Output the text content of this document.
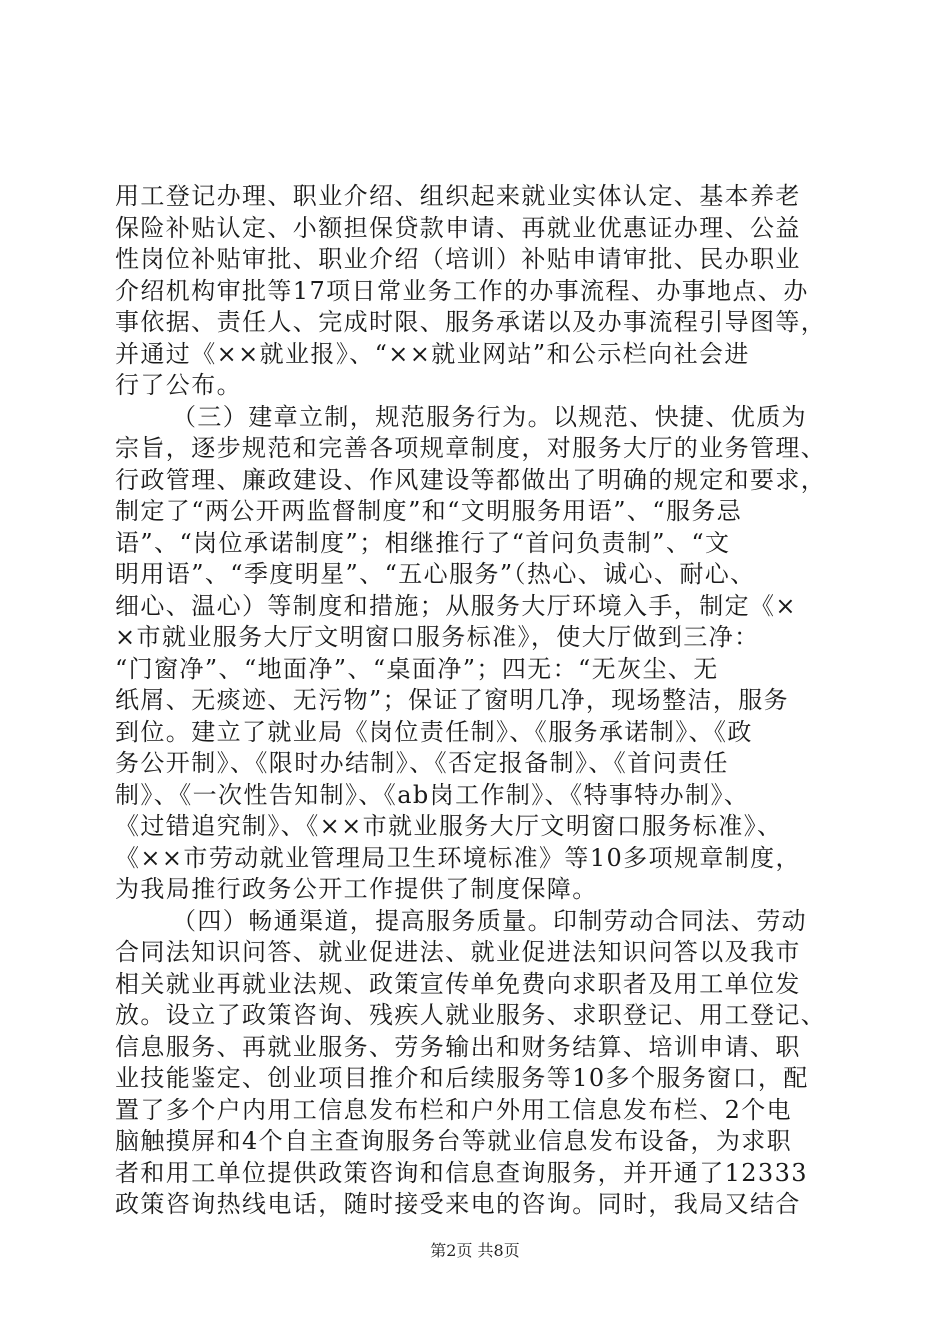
用工登记办理、职业介绍、组织起来就业实体认定、基本养老
保险补贴认定、小额担保贷款申请、再就业优惠证办理、公益
性岗位补贴审批、职业介绍（培训）补贴申请审批、民办职业
介绍机构审批等17项日常业务工作的办事流程、办事地点、办
事依据、责任人、完成时限、服务承诺以及办事流程引导图等，
并通过《××就业报》、“××就业网站”和公示栏向社会进
行了公布。
（三）建章立制，规范服务行为。以规范、快捷、优质为
宗旨，逐步规范和完善各项规章制度，对服务大厅的业务管理、
行政管理、廉政建设、作风建设等都做出了明确的规定和要求，
制定了“两公开两监督制度”和“文明服务用语”、“服务忌
语”、“岗位承诺制度”；相继推行了“首问负责制”、“文
明用语”、“季度明星”、“五心服务”（热心、诚心、耐心、
细心、温心）等制度和措施；从服务大厅环境入手，制定《×
×市就业服务大厅文明窗口服务标准》，使大厅做到三净：
“门窗净”、“地面净”、“桌面净”；四无：“无灰尘、无
纸屑、无痰迹、无污物”；保证了窗明几净，现场整洁，服务
到位。建立了就业局《岗位责任制》、《服务承诺制》、《政
务公开制》、《限时办结制》、《否定报备制》、《首问责任
制》、《一次性告知制》、《ab岗工作制》、《特事特办制》、
《过错追究制》、《××市就业服务大厅文明窗口服务标准》、
《××市劳动就业管理局卫生环境标准》等10多项规章制度，
为我局推行政务公开工作提供了制度保障。
（四）畅通渠道，提高服务质量。印制劳动合同法、劳动
合同法知识问答、就业促进法、就业促进法知识问答以及我市
相关就业再就业法规、政策宣传单免费向求职者及用工单位发
放。设立了政策咨询、残疾人就业服务、求职登记、用工登记、
信息服务、再就业服务、劳务输出和财务结算、培训申请、职
业技能鉴定、创业项目推介和后续服务等10多个服务窗口，配
置了多个户内用工信息发布栏和户外用工信息发布栏、2个电
脑触摸屏和4个自主查询服务台等就业信息发布设备，为求职
者和用工单位提供政策咨询和信息查询服务，并开通了12333
政策咨询热线电话，随时接受来电的咨询。同时，我局又结合
第2页 共8页
